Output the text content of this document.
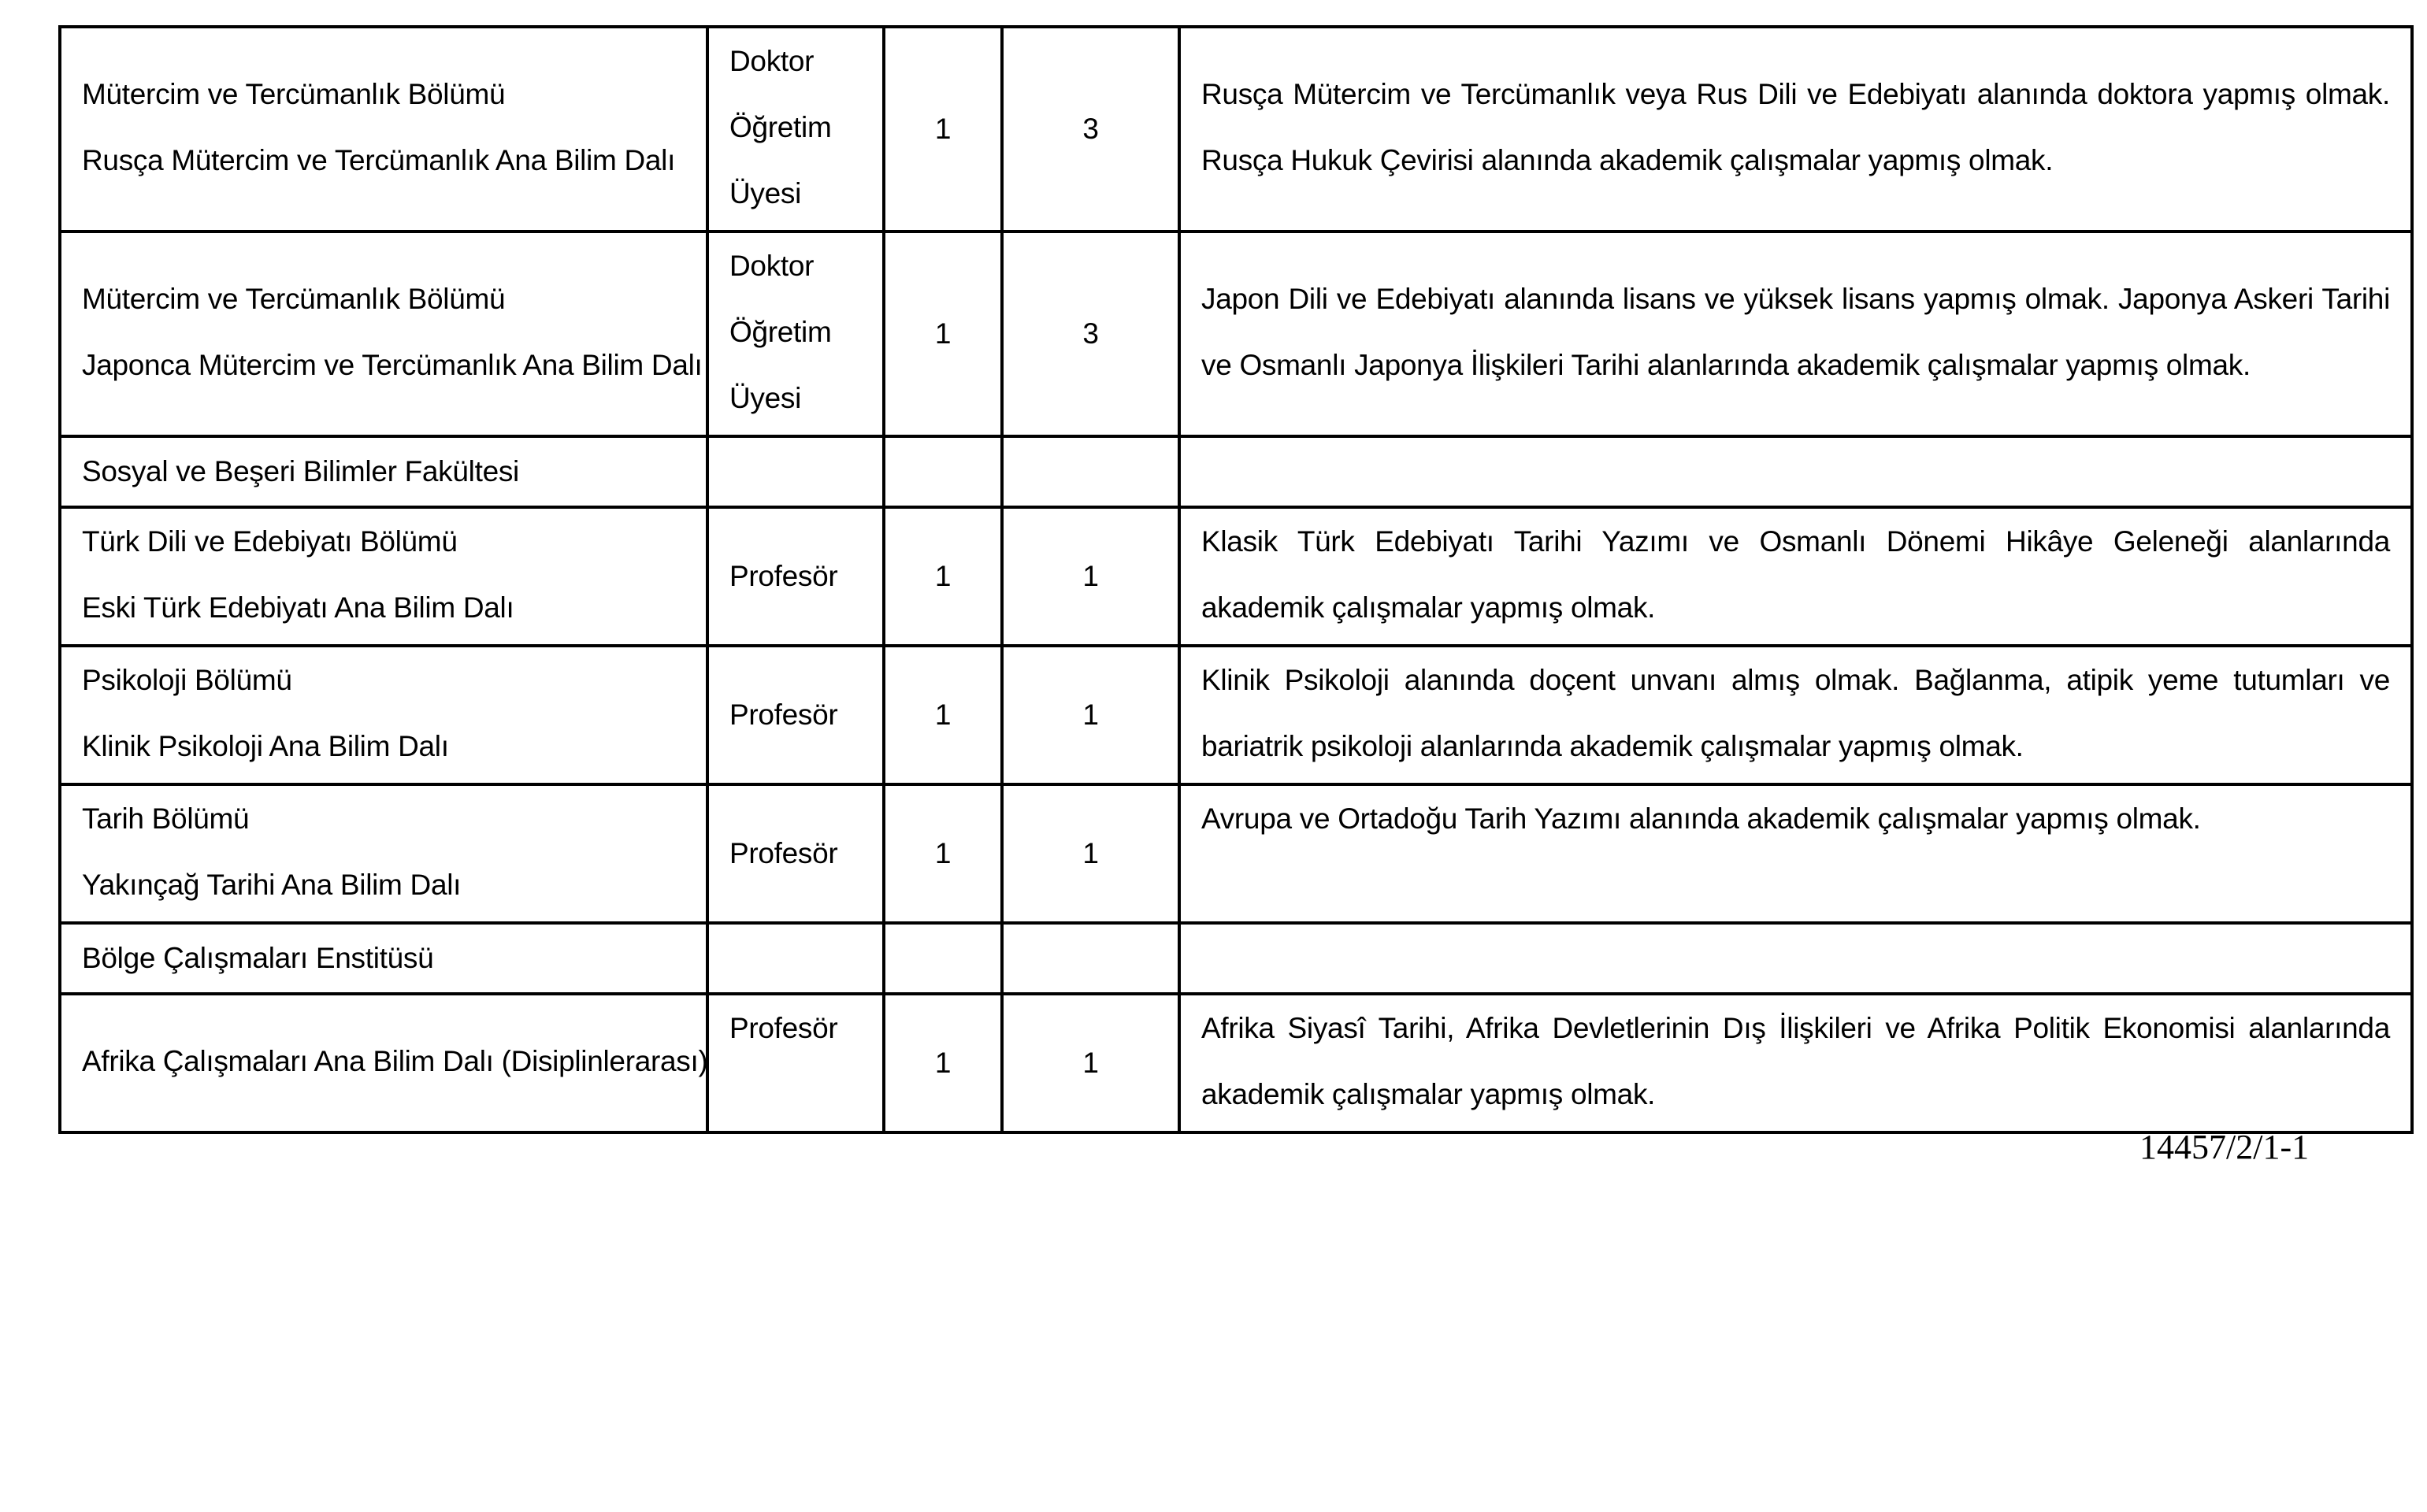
Mütercim ve Tercümanlık Bölümü
Rusça Mütercim ve Tercümanlık Ana Bilim Dalı	Doktor
Öğretim
Üyesi	1	3	Rusça Mütercim ve Tercümanlık veya Rus Dili ve Edebiyatı alanında doktora yapmış olmak. Rusça Hukuk Çevirisi alanında akademik çalışmalar yapmış olmak.

Mütercim ve Tercümanlık Bölümü
Japonca Mütercim ve Tercümanlık Ana Bilim Dalı	Doktor
Öğretim
Üyesi	1	3	Japon Dili ve Edebiyatı alanında lisans ve yüksek lisans yapmış olmak. Japonya Askeri Tarihi ve Osmanlı Japonya İlişkileri Tarihi alanlarında akademik çalışmalar yapmış olmak.
Sosyal ve Beşeri Bilimler Fakültesi				

Türk Dili ve Edebiyatı Bölümü
Eski Türk Edebiyatı Ana Bilim Dalı	Profesör	1	1	Klasik Türk Edebiyatı Tarihi Yazımı ve Osmanlı Dönemi Hikâye Geleneği alanlarında akademik çalışmalar yapmış olmak.

Psikoloji Bölümü
Klinik Psikoloji Ana Bilim Dalı	Profesör	1	1	Klinik Psikoloji alanında doçent unvanı almış olmak. Bağlanma, atipik yeme tutumları ve bariatrik psikoloji alanlarında akademik çalışmalar yapmış olmak.

Tarih Bölümü
Yakınçağ Tarihi Ana Bilim Dalı	Profesör	1	1	Avrupa ve Ortadoğu Tarih Yazımı alanında akademik çalışmalar yapmış olmak.
Bölge Çalışmaları Enstitüsü				

Afrika Çalışmaları Ana Bilim Dalı (Disiplinlerarası)	Profesör	1	1	Afrika Siyasî Tarihi, Afrika Devletlerinin Dış İlişkileri ve Afrika Politik Ekonomisi alanlarında akademik çalışmalar yapmış olmak.
14457/2/1-1
